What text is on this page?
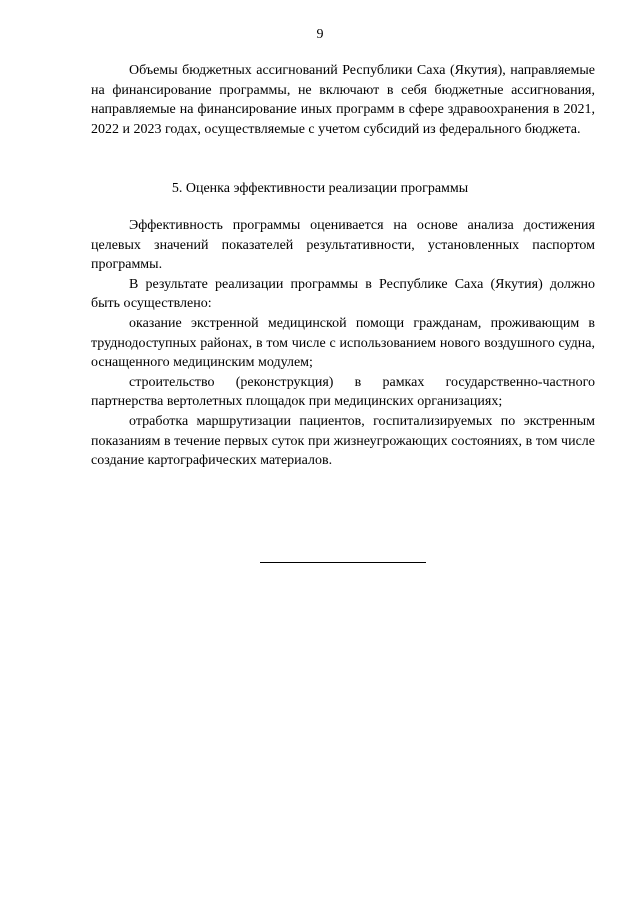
9

Объемы бюджетных ассигнований Республики Саха (Якутия), направляемые на финансирование программы, не включают в себя бюджетные ассигнования, направляемые на финансирование иных программ в сфере здравоохранения в 2021, 2022 и 2023 годах, осуществляемые с учетом субсидий из федерального бюджета.

5. Оценка эффективности реализации программы

Эффективность программы оценивается на основе анализа достижения целевых значений показателей результативности, установленных паспортом программы.

В результате реализации программы в Республике Саха (Якутия) должно быть осуществлено:

оказание экстренной медицинской помощи гражданам, проживающим в труднодоступных районах, в том числе с использованием нового воздушного судна, оснащенного медицинским модулем;

строительство (реконструкция) в рамках государственно-частного партнерства вертолетных площадок при медицинских организациях;

отработка маршрутизации пациентов, госпитализируемых по экстренным показаниям в течение первых суток при жизнеугрожающих состояниях, в том числе создание картографических материалов.
